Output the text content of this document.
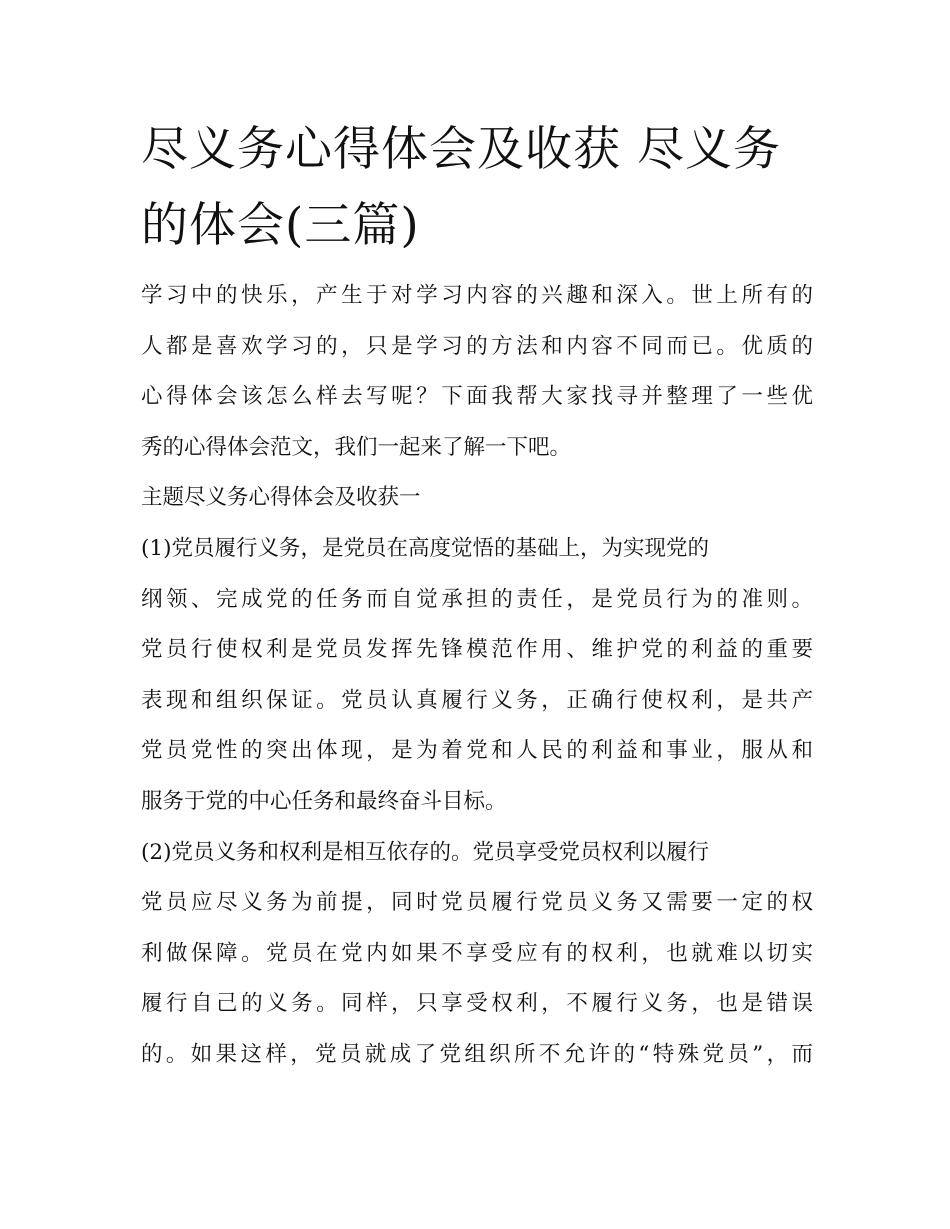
尽义务心得体会及收获 尽义务
的体会(三篇)
学习中的快乐，产生于对学习内容的兴趣和深入。世上所有的
人都是喜欢学习的，只是学习的方法和内容不同而已。优质的
心得体会该怎么样去写呢？下面我帮大家找寻并整理了一些优
秀的心得体会范文，我们一起来了解一下吧。
主题尽义务心得体会及收获一
(1)党员履行义务，是党员在高度觉悟的基础上，为实现党的
纲领、完成党的任务而自觉承担的责任，是党员行为的准则。
党员行使权利是党员发挥先锋模范作用、维护党的利益的重要
表现和组织保证。党员认真履行义务，正确行使权利，是共产
党员党性的突出体现，是为着党和人民的利益和事业，服从和
服务于党的中心任务和最终奋斗目标。
(2)党员义务和权利是相互依存的。党员享受党员权利以履行
党员应尽义务为前提，同时党员履行党员义务又需要一定的权
利做保障。党员在党内如果不享受应有的权利，也就难以切实
履行自己的义务。同样，只享受权利，不履行义务，也是错误
的。如果这样，党员就成了党组织所不允许的“特殊党员”，而
